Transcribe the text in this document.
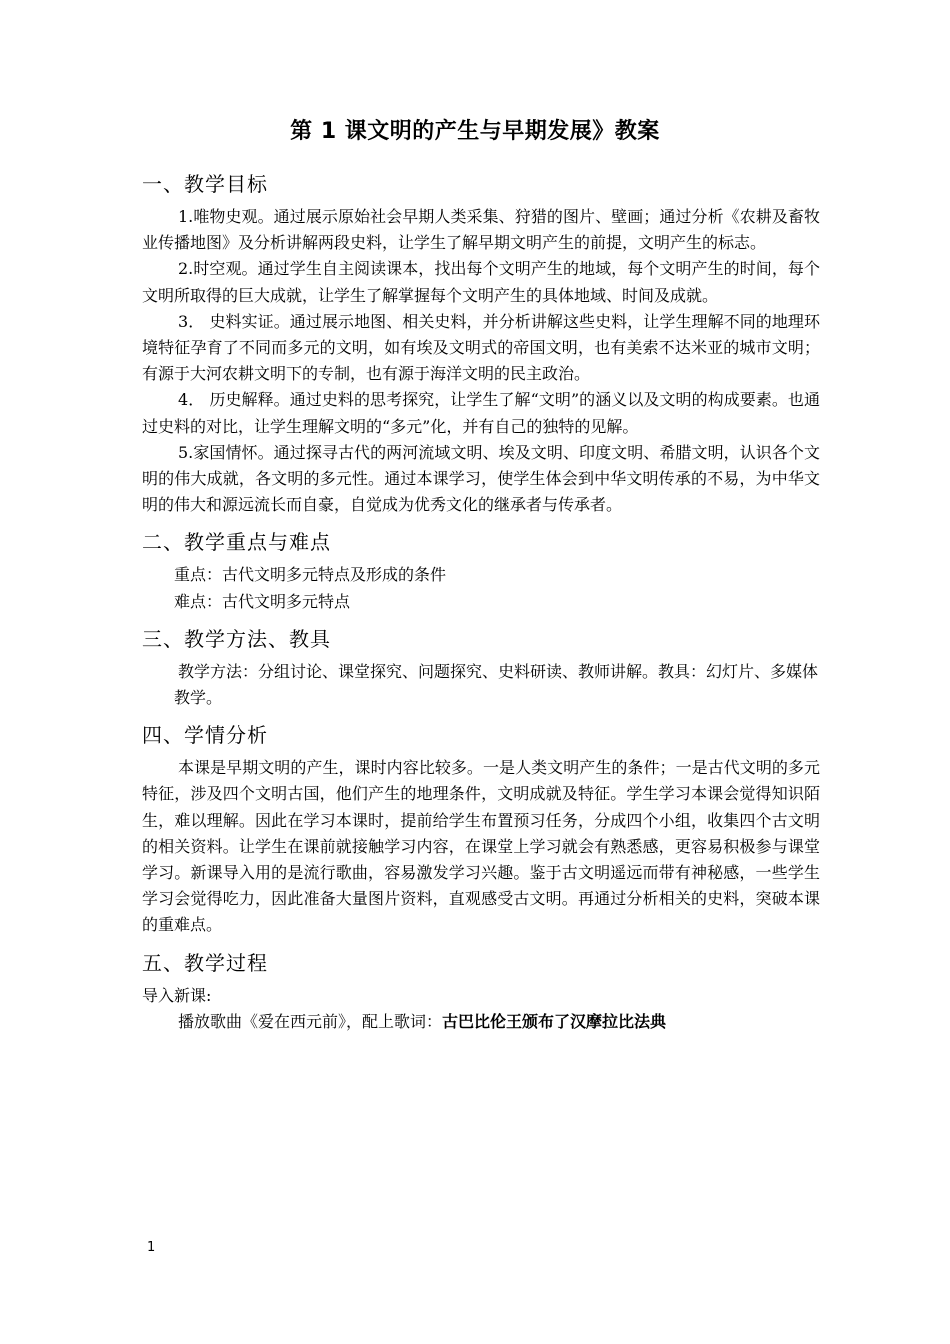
第 1 课文明的产生与早期发展》教案
一、教学目标

1.唯物史观。通过展示原始社会早期人类采集、狩猎的图片、壁画；通过分析《农耕及畜牧业传播地图》及分析讲解两段史料，让学生了解早期文明产生的前提，文明产生的标志。

2.时空观。通过学生自主阅读课本，找出每个文明产生的地域，每个文明产生的时间，每个文明所取得的巨大成就，让学生了解掌握每个文明产生的具体地域、时间及成就。

3． 史料实证。通过展示地图、相关史料，并分析讲解这些史料，让学生理解不同的地理环境特征孕育了不同而多元的文明，如有埃及文明式的帝国文明，也有美索不达米亚的城市文明；有源于大河农耕文明下的专制，也有源于海洋文明的民主政治。

4． 历史解释。通过史料的思考探究，让学生了解“文明”的涵义以及文明的构成要素。也通过史料的对比，让学生理解文明的“多元”化，并有自己的独特的见解。

5.家国情怀。通过探寻古代的两河流域文明、埃及文明、印度文明、希腊文明，认识各个文明的伟大成就，各文明的多元性。通过本课学习，使学生体会到中华文明传承的不易，为中华文明的伟大和源远流长而自豪，自觉成为优秀文化的继承者与传承者。

二、教学重点与难点

重点：古代文明多元特点及形成的条件

难点：古代文明多元特点

三、教学方法、教具

教学方法：分组讨论、课堂探究、问题探究、史料研读、教师讲解。教具：幻灯片、多媒体教学。

四、学情分析

本课是早期文明的产生，课时内容比较多。一是人类文明产生的条件；一是古代文明的多元特征，涉及四个文明古国，他们产生的地理条件，文明成就及特征。学生学习本课会觉得知识陌生，难以理解。因此在学习本课时，提前给学生布置预习任务，分成四个小组，收集四个古文明的相关资料。让学生在课前就接触学习内容，在课堂上学习就会有熟悉感，更容易积极参与课堂学习。新课导入用的是流行歌曲，容易激发学习兴趣。鉴于古文明遥远而带有神秘感，一些学生学习会觉得吃力，因此准备大量图片资料，直观感受古文明。再通过分析相关的史料，突破本课的重难点。

五、教学过程

导入新课:

播放歌曲《爱在西元前》，配上歌词：古巴比伦王颁布了汉摩拉比法典

1
